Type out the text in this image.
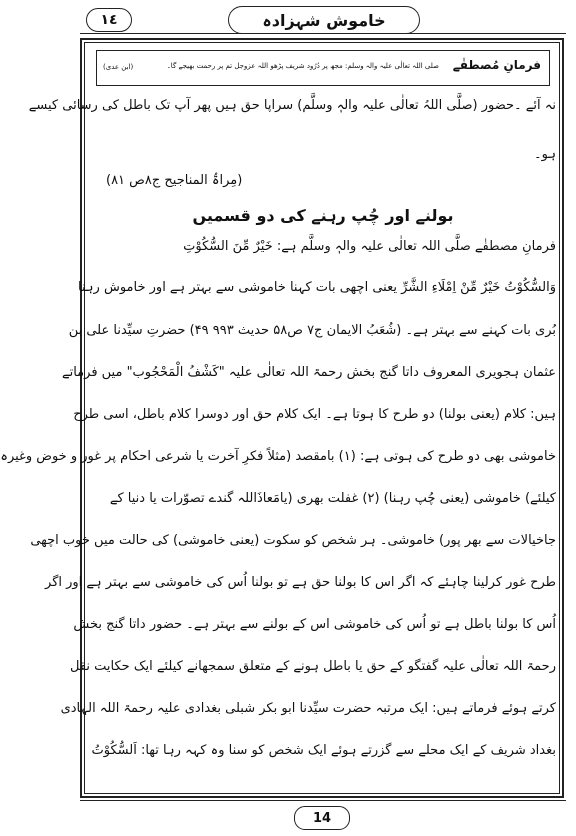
١٤	خاموش شہزادہ
فرمانِ مُصطفٰے
صلی اللہ تعالٰی علیہ والہ وسلم: مجھ پر دُرُود شریف پڑھو اللہ عزوجل تم پر رحمت بھیجے گا۔
(ابن عدی)
نہ آئے ۔حضور (صلَّی اللہُ تعالٰی علیہ والہٖ وسلَّم) سراپا حق ہیں پھر آپ تک باطل کی رسائی کیسے
ہو۔
(مِراۃُ المناجیح ج۸ص ۸۱)
بولنے اور چُپ رہنے کی دو قسمیں
فرمانِ مصطفٰے صلَّی اللہ تعالٰی علیہ والہٖ وسلَّم ہے: خَیْرٌ مِّنَ السُّکُوْتِ
وَالسُّکُوْتُ خَیْرٌ مِّنْ اِمْلَاءِ الشَّرِّ یعنی اچھی بات کہنا خاموشی سے بہتر ہے اور خاموش رہنا
بُری بات کہنے سے بہتر ہے۔ (شُعَبُ الایمان ج۷ ص۵۸ حدیث ۹۹۳ ۴۹) حضرتِ سیِّدنا علی بن
عثمان ہجویری المعروف داتا گنج بخش رحمۃ اللہ تعالٰی علیہ "کَشْفُ الْمَحْجُوب" میں فرماتے
ہیں: کلام (یعنی بولنا) دو طرح کا ہوتا ہے۔ ایک کلام حق اور دوسرا کلام باطل، اسی طرح
خاموشی بھی دو طرح کی ہوتی ہے: (۱) بامقصد (مثلاً فکرِ آخرت یا شرعی احکام پر غور و خوض وغیرہ
کیلئے) خاموشی (یعنی چُپ رہنا) (۲) غفلت بھری (یامَعاذَاللہ گندے تصوّرات یا دنیا کے
جاخیالات سے بھر پور) خاموشی۔ ہر شخص کو سکوت (یعنی خاموشی) کی حالت میں خوب اچھی
طرح غور کرلینا چاہئے کہ اگر اس کا بولنا حق ہے تو بولنا اُس کی خاموشی سے بہتر ہے اور اگر
اُس کا بولنا باطل ہے تو اُس کی خاموشی اس کے بولنے سے بہتر ہے۔ حضور داتا گنج بخش
رحمۃ اللہ تعالٰی علیہ گفتگو کے حق یا باطل ہونے کے متعلق سمجھانے کیلئے ایک حکایت نقل
کرتے ہوئے فرماتے ہیں: ایک مرتبہ حضرت سیِّدنا ابو بکر شبلی بغدادی علیہ رحمۃ اللہ الہادی
بغداد شریف کے ایک محلے سے گزرتے ہوئے ایک شخص کو سنا وہ کہہ رہا تھا: اَلسُّکُوْتُ
14
